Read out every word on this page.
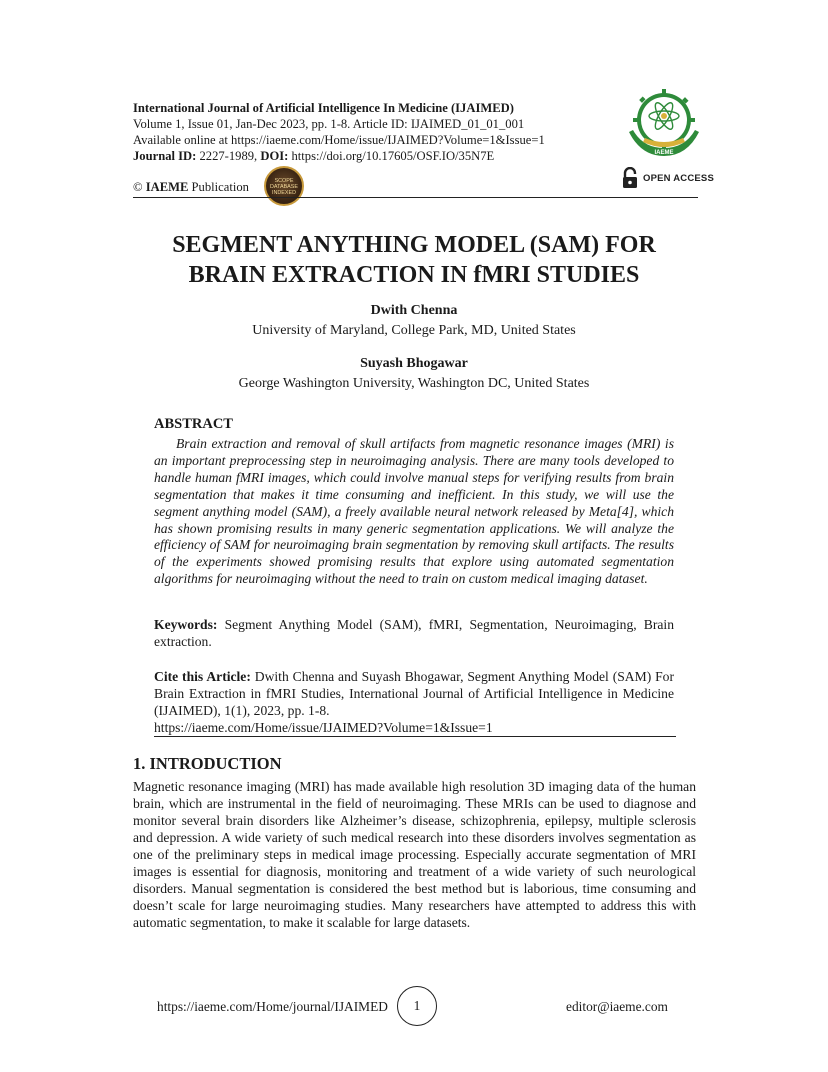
International Journal of Artificial Intelligence In Medicine (IJAIMED)
Volume 1, Issue 01, Jan-Dec 2023, pp. 1-8. Article ID: IJAIMED_01_01_001
Available online at https://iaeme.com/Home/issue/IJAIMED?Volume=1&Issue=1
Journal ID: 2227-1989, DOI: https://doi.org/10.17605/OSF.IO/35N7E
© IAEME Publication	SCOPE
DATABASE
INDEXED
IAEME
OPEN ACCESS
SEGMENT ANYTHING MODEL (SAM) FOR
BRAIN EXTRACTION IN fMRI STUDIES
Dwith Chenna
University of Maryland, College Park, MD, United States
Suyash Bhogawar
George Washington University, Washington DC, United States
ABSTRACT
Brain extraction and removal of skull artifacts from magnetic resonance images (MRI) is an important preprocessing step in neuroimaging analysis. There are many tools developed to handle human fMRI images, which could involve manual steps for verifying results from brain segmentation that makes it time consuming and inefficient. In this study, we will use the segment anything model (SAM), a freely available neural network released by Meta[4], which has shown promising results in many generic segmentation applications. We will analyze the efficiency of SAM for neuroimaging brain segmentation by removing skull artifacts. The results of the experiments showed promising results that explore using automated segmentation algorithms for neuroimaging without the need to train on custom medical imaging dataset.
Keywords: Segment Anything Model (SAM), fMRI, Segmentation, Neuroimaging, Brain extraction.
Cite this Article: Dwith Chenna and Suyash Bhogawar, Segment Anything Model (SAM) For Brain Extraction in fMRI Studies, International Journal of Artificial Intelligence in Medicine (IJAIMED), 1(1), 2023, pp. 1-8.
https://iaeme.com/Home/issue/IJAIMED?Volume=1&Issue=1
1. INTRODUCTION
Magnetic resonance imaging (MRI) has made available high resolution 3D imaging data of the human brain, which are instrumental in the field of neuroimaging. These MRIs can be used to diagnose and monitor several brain disorders like Alzheimer’s disease, schizophrenia, epilepsy, multiple sclerosis and depression. A wide variety of such medical research into these disorders involves segmentation as one of the preliminary steps in medical image processing. Especially accurate segmentation of MRI images is essential for diagnosis, monitoring and treatment of a wide variety of such neurological disorders. Manual segmentation is considered the best method but is laborious, time consuming and doesn’t scale for large neuroimaging studies. Many researchers have attempted to address this with automatic segmentation, to make it scalable for large datasets.
https://iaeme.com/Home/journal/IJAIMED 1	editor@iaeme.com
